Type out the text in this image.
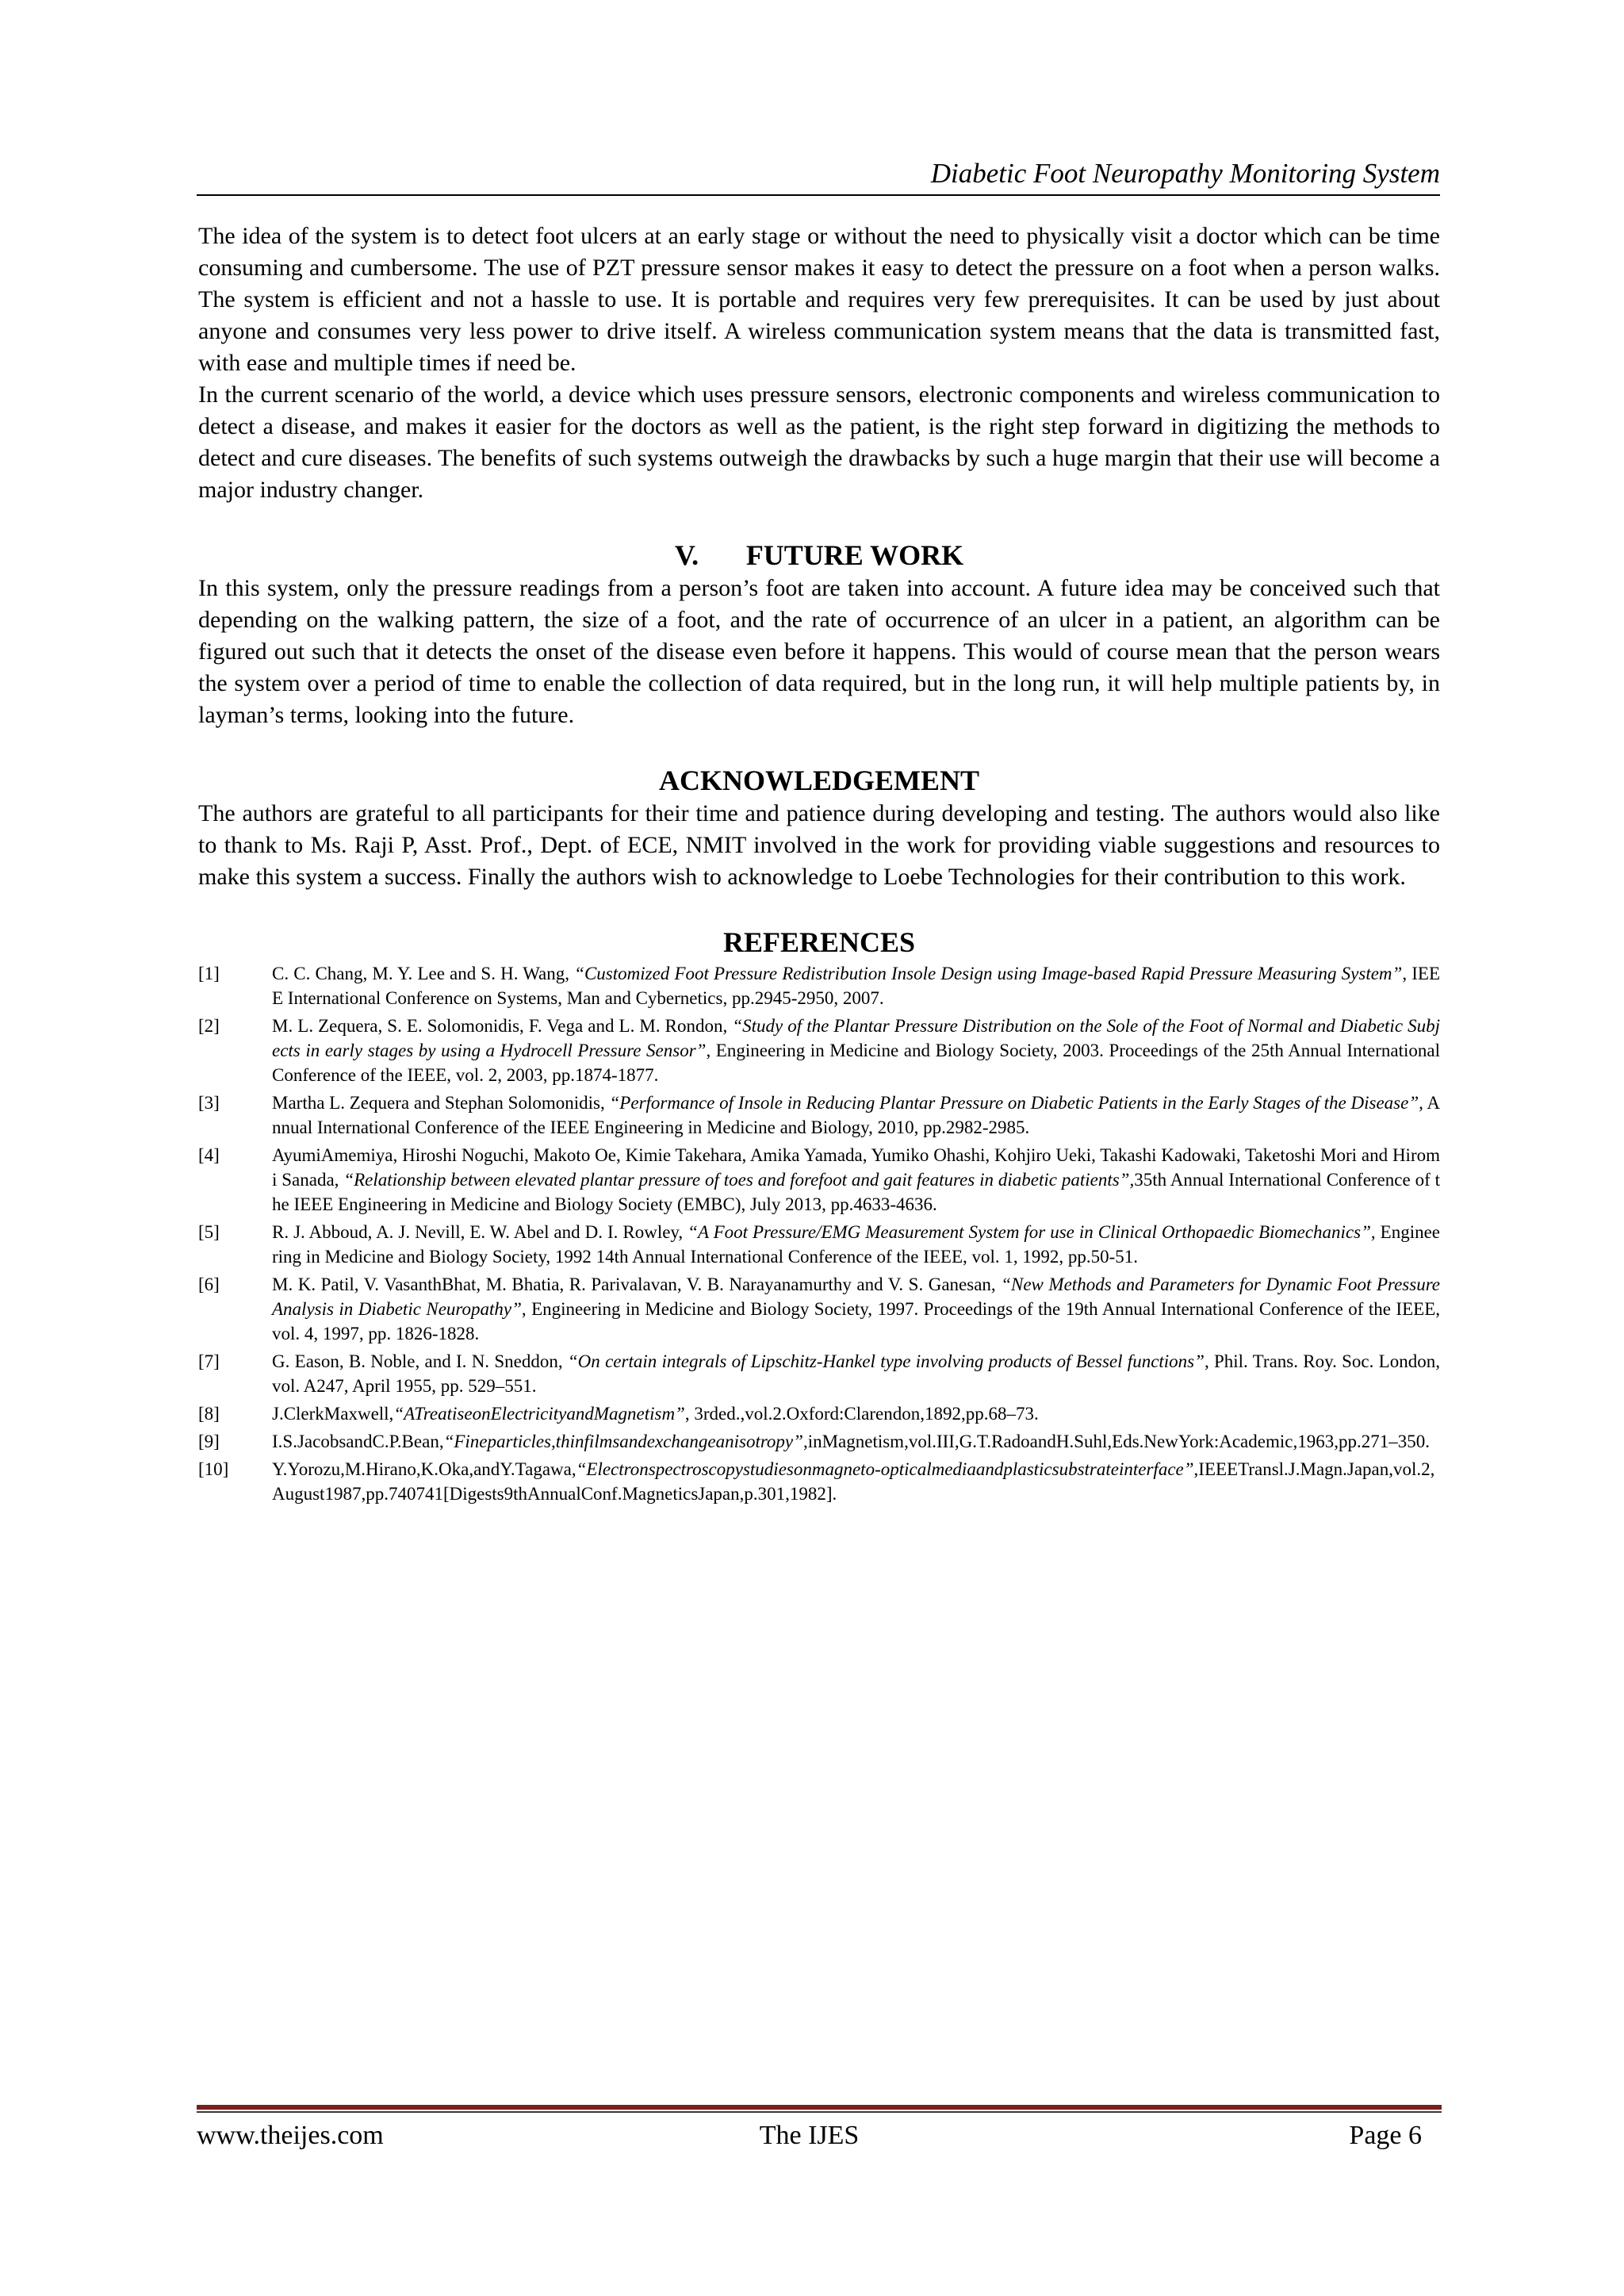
Diabetic Foot Neuropathy Monitoring System

The idea of the system is to detect foot ulcers at an early stage or without the need to physically visit a doctor which can be time consuming and cumbersome. The use of PZT pressure sensor makes it easy to detect the pressure on a foot when a person walks. The system is efficient and not a hassle to use. It is portable and requires very few prerequisites. It can be used by just about anyone and consumes very less power to drive itself. A wireless communication system means that the data is transmitted fast, with ease and multiple times if need be.

In the current scenario of the world, a device which uses pressure sensors, electronic components and wireless communication to detect a disease, and makes it easier for the doctors as well as the patient, is the right step forward in digitizing the methods to detect and cure diseases. The benefits of such systems outweigh the drawbacks by such a huge margin that their use will become a major industry changer.

V. FUTURE WORK

In this system, only the pressure readings from a person’s foot are taken into account. A future idea may be conceived such that depending on the walking pattern, the size of a foot, and the rate of occurrence of an ulcer in a patient, an algorithm can be figured out such that it detects the onset of the disease even before it happens. This would of course mean that the person wears the system over a period of time to enable the collection of data required, but in the long run, it will help multiple patients by, in layman’s terms, looking into the future.

ACKNOWLEDGEMENT

The authors are grateful to all participants for their time and patience during developing and testing. The authors would also like to thank to Ms. Raji P, Asst. Prof., Dept. of ECE, NMIT involved in the work for providing viable suggestions and resources to make this system a success. Finally the authors wish to acknowledge to Loebe Technologies for their contribution to this work.

REFERENCES
[1]	C. C. Chang, M. Y. Lee and S. H. Wang, “Customized Foot Pressure Redistribution Insole Design using Image-based Rapid Pressure Measuring System”, IEEE International Conference on Systems, Man and Cybernetics, pp.2945-2950, 2007.
[2]	M. L. Zequera, S. E. Solomonidis, F. Vega and L. M. Rondon, “Study of the Plantar Pressure Distribution on the Sole of the Foot of Normal and Diabetic Subjects in early stages by using a Hydrocell Pressure Sensor”, Engineering in Medicine and Biology Society, 2003. Proceedings of the 25th Annual International Conference of the IEEE, vol. 2, 2003, pp.1874-1877.
[3]	Martha L. Zequera and Stephan Solomonidis, “Performance of Insole in Reducing Plantar Pressure on Diabetic Patients in the Early Stages of the Disease”, Annual International Conference of the IEEE Engineering in Medicine and Biology, 2010, pp.2982-2985.
[4]	AyumiAmemiya, Hiroshi Noguchi, Makoto Oe, Kimie Takehara, Amika Yamada, Yumiko Ohashi, Kohjiro Ueki, Takashi Kadowaki, Taketoshi Mori and Hiromi Sanada, “Relationship between elevated plantar pressure of toes and forefoot and gait features in diabetic patients”,35th Annual International Conference of the IEEE Engineering in Medicine and Biology Society (EMBC), July 2013, pp.4633-4636.
[5]	R. J. Abboud, A. J. Nevill, E. W. Abel and D. I. Rowley, “A Foot Pressure/EMG Measurement System for use in Clinical Orthopaedic Biomechanics”, Engineering in Medicine and Biology Society, 1992 14th Annual International Conference of the IEEE, vol. 1, 1992, pp.50-51.
[6]	M. K. Patil, V. VasanthBhat, M. Bhatia, R. Parivalavan, V. B. Narayanamurthy and V. S. Ganesan, “New Methods and Parameters for Dynamic Foot Pressure Analysis in Diabetic Neuropathy”, Engineering in Medicine and Biology Society, 1997. Proceedings of the 19th Annual International Conference of the IEEE, vol. 4, 1997, pp. 1826-1828.
[7]	G. Eason, B. Noble, and I. N. Sneddon, “On certain integrals of Lipschitz-Hankel type involving products of Bessel functions”, Phil. Trans. Roy. Soc. London, vol. A247, April 1955, pp. 529–551.
[8]	J.ClerkMaxwell,“ATreatiseonElectricityandMagnetism”, 3rded.,vol.2.Oxford:Clarendon,1892,pp.68–73.
[9]	I.S.JacobsandC.P.Bean,“Fineparticles,thinfilmsandexchangeanisotropy”,inMagnetism,vol.III,G.T.RadoandH.Suhl,Eds.NewYork:Academic,1963,pp.271–350.
[10]	Y.Yorozu,M.Hirano,K.Oka,andY.Tagawa,“Electronspectroscopystudiesonmagneto-opticalmediaandplasticsubstrateinterface”,IEEETransl.J.Magn.Japan,vol.2,August1987,pp.740741[Digests9thAnnualConf.MagneticsJapan,p.301,1982].
The IJES
www.theijes.com	Page 6
